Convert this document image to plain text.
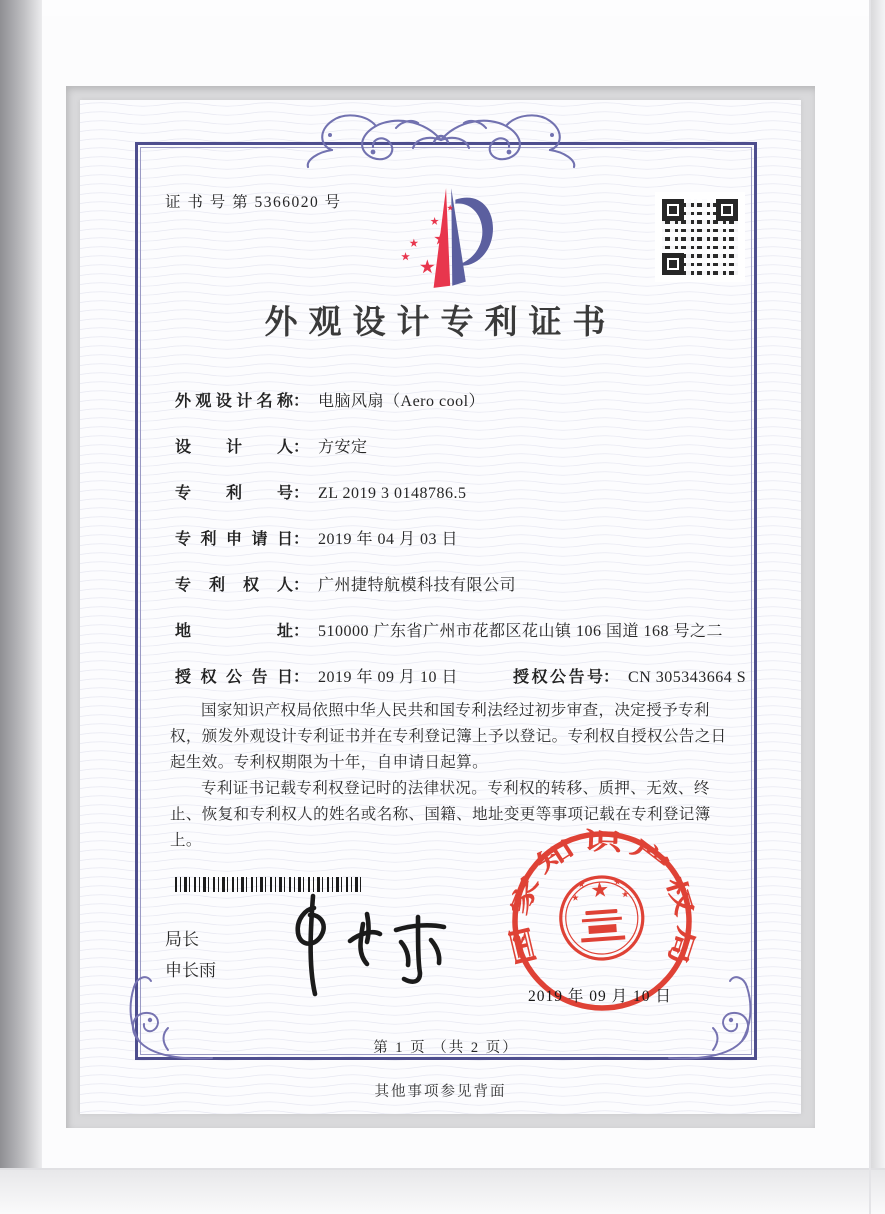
证 书 号 第 5366020 号
外观设计专利证书
外观设计名称 ： 电脑风扇（Aero cool）
设计人 ： 方安定
专利号 ： ZL 2019 3 0148786.5
专利申请日 ： 2019 年 04 月 03 日
专利权人 ： 广州捷特航模科技有限公司
地址 ： 510000 广东省广州市花都区花山镇 106 国道 168 号之二
授权公告日 ： 2019 年 09 月 10 日	授权公告号 ： CN 305343664 S

国家知识产权局依照中华人民共和国专利法经过初步审查，决定授予专利权，颁发外观设计专利证书并在专利登记簿上予以登记。专利权自授权公告之日起生效。专利权期限为十年，自申请日起算。

专利证书记载专利权登记时的法律状况。专利权的转移、质押、无效、终止、恢复和专利权人的姓名或名称、国籍、地址变更等事项记载在专利登记簿上。

局长
申长雨
国家知识产权局
2019 年 09 月 10 日
第 1 页 （共 2 页）
其他事项参见背面
